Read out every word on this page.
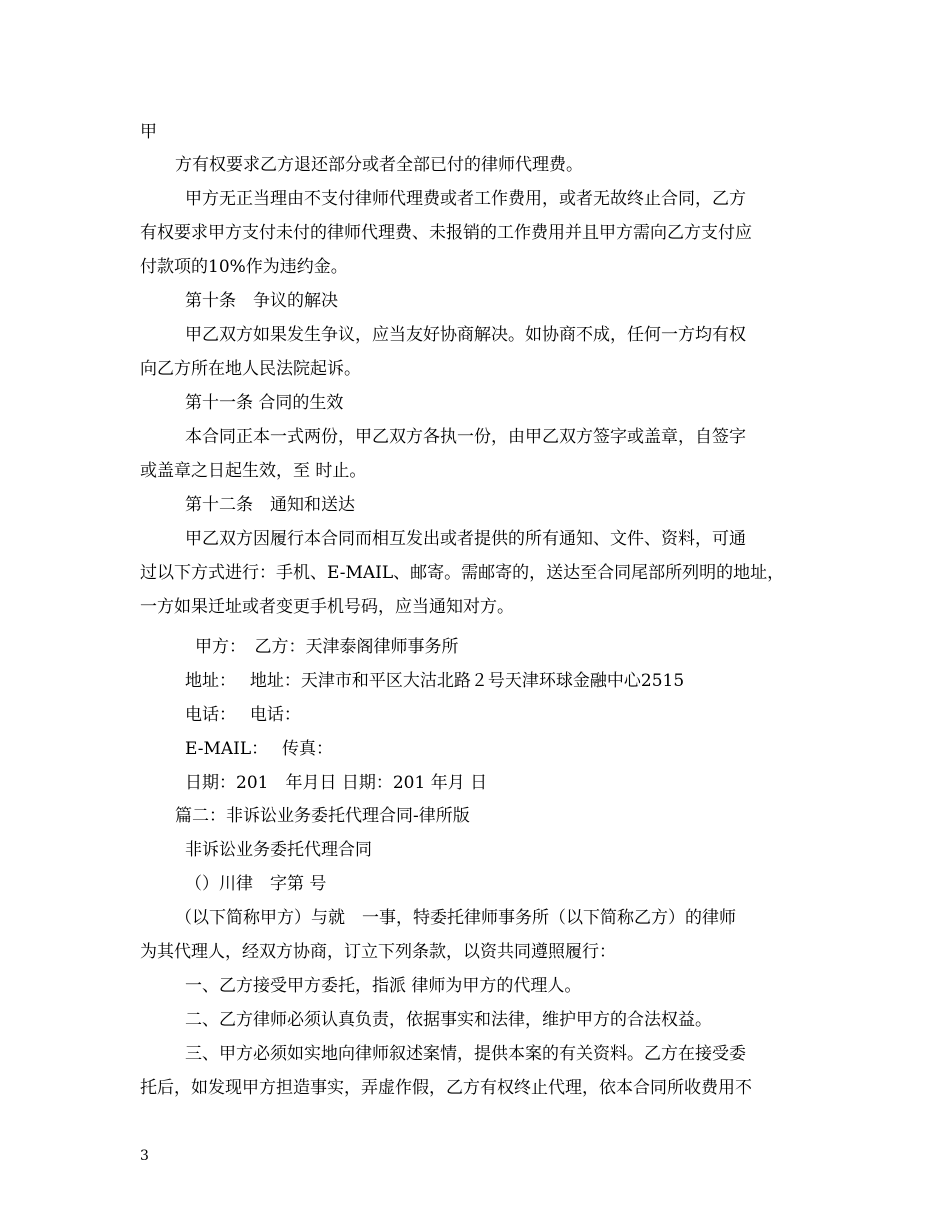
甲
方有权要求乙方退还部分或者全部已付的律师代理费。
甲方无正当理由不支付律师代理费或者工作费用，或者无故终止合同，乙方
有权要求甲方支付未付的律师代理费、未报销的工作费用并且甲方需向乙方支付应
付款项的10%作为违约金。
第十条　争议的解决
甲乙双方如果发生争议，应当友好协商解决。如协商不成，任何一方均有权
向乙方所在地人民法院起诉。
第十一条 合同的生效
本合同正本一式两份，甲乙双方各执一份，由甲乙双方签字或盖章，自签字
或盖章之日起生效，至 时止。
第十二条　通知和送达
甲乙双方因履行本合同而相互发出或者提供的所有通知、文件、资料，可通
过以下方式进行：手机、E-MAIL、邮寄。需邮寄的，送达至合同尾部所列明的地址，
一方如果迁址或者变更手机号码，应当通知对方。
甲方：　乙方：天津泰阁律师事务所
地址：　 地址：天津市和平区大沽北路２号天津环球金融中心2515
电话：　 电话：
E-MAIL：　 传真：
日期：201　年月日 日期：201 年月 日
篇二：非诉讼业务委托代理合同-律所版
非诉讼业务委托代理合同
（）川律　字第 号
（以下简称甲方）与就　一事，特委托律师事务所（以下简称乙方）的律师
为其代理人，经双方协商，订立下列条款，以资共同遵照履行：
一、乙方接受甲方委托，指派 律师为甲方的代理人。
二、乙方律师必须认真负责，依据事实和法律，维护甲方的合法权益。
三、甲方必须如实地向律师叙述案情，提供本案的有关资料。乙方在接受委
托后，如发现甲方担造事实，弄虚作假，乙方有权终止代理，依本合同所收费用不
3
